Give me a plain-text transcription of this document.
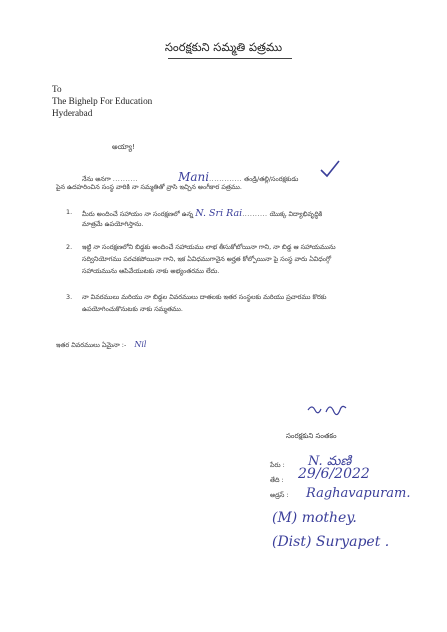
సంరక్షకుని సమ్మతి పత్రము
To
The Bighelp For Education
Hyderabad
అయ్యా!
నేను అనగా ..........	Mani............. తండ్రి/తల్లి/సంరక్షకుడు
పైన ఉదహరించిన సంస్థ వారికి నా సమ్మతితో వ్రాసి ఇచ్చిన అంగీకార పత్రము.
1. మీరు అందించే సహాయం నా సంరక్షణలో ఉన్న N. Sri Rai.......... యొక్క విద్యాభివృద్ధికి
మాత్రమే ఉపయోగిస్తాను.
2. ఇట్టి నా సంరక్షణలోని బిడ్డకు అందించే సహాయము లాభ తీసుకోబోయినా గాని, నా బిడ్డ ఆ సహాయమును
సద్వినియోగము పరచకపోయినా గాని, ఇక ఏవిధముగానైన అర్హత కోల్పోయినా పై సంస్థ వారు ఏవిధంగ్గో
సహాయమును ఆపివేయుటకు నాకు అభ్యంతరము లేదు.
3. నా వివరములు మరియు నా బిడ్డల వివరములు దాతలకు ఇతర సంస్థలకు మరియు ప్రచారము కొరకు
ఉపయోగించుకొనుటకు నాకు సమ్మతము.
ఇతర వివరములు ఏమైనా :- Nil
సంరక్షకుని సంతకం
పేరు : N. మణి
తేది : 29/6/2022
అడ్రస్ : Raghavapuram.
(M) mothey.
(Dist) Suryapet .
